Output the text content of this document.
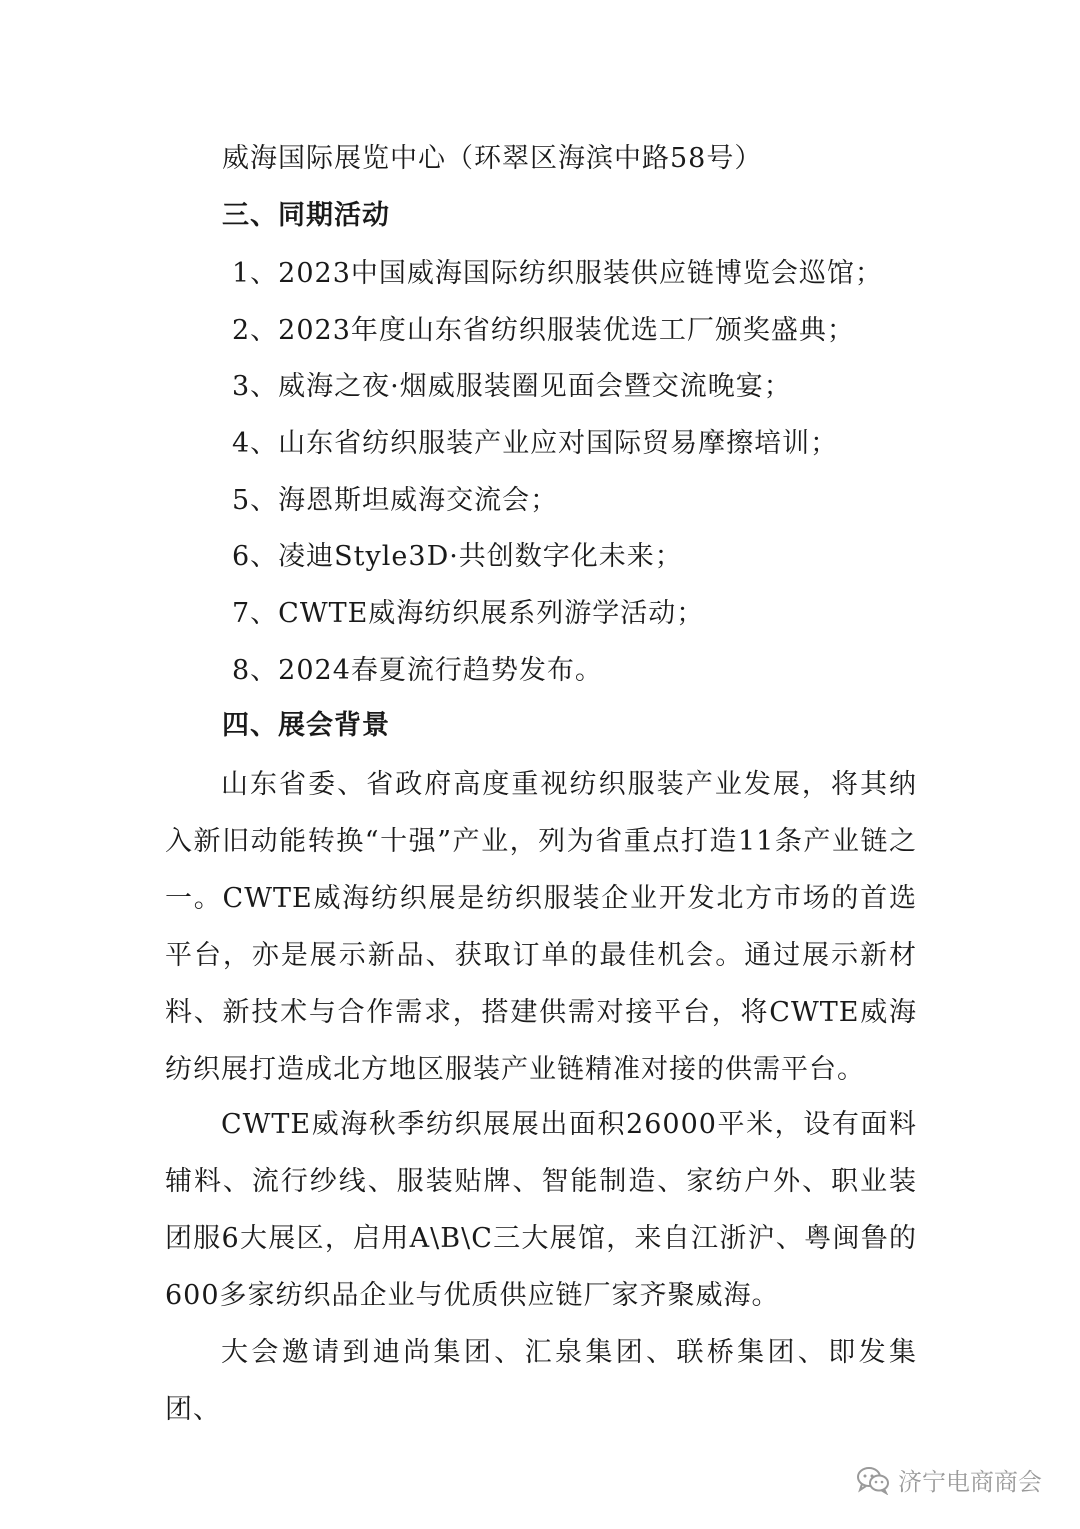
威海国际展览中心（环翠区海滨中路58号）
三、同期活动
1、2023中国威海国际纺织服装供应链博览会巡馆；
2、2023年度山东省纺织服装优选工厂颁奖盛典；
3、威海之夜·烟威服装圈见面会暨交流晚宴；
4、山东省纺织服装产业应对国际贸易摩擦培训；
5、海恩斯坦威海交流会；
6、凌迪Style3D·共创数字化未来；
7、CWTE威海纺织展系列游学活动；
8、2024春夏流行趋势发布。
四、展会背景
山东省委、省政府高度重视纺织服装产业发展，将其纳入新旧动能转换“十强”产业，列为省重点打造11条产业链之一。CWTE威海纺织展是纺织服装企业开发北方市场的首选平台，亦是展示新品、获取订单的最佳机会。通过展示新材料、新技术与合作需求，搭建供需对接平台，将CWTE威海纺织展打造成北方地区服装产业链精准对接的供需平台。
CWTE威海秋季纺织展展出面积26000平米，设有面料辅料、流行纱线、服装贴牌、智能制造、家纺户外、职业装团服6大展区，启用A\B\C三大展馆，来自江浙沪、粤闽鲁的600多家纺织品企业与优质供应链厂家齐聚威海。
大会邀请到迪尚集团、汇泉集团、联桥集团、即发集团、
济宁电商商会
